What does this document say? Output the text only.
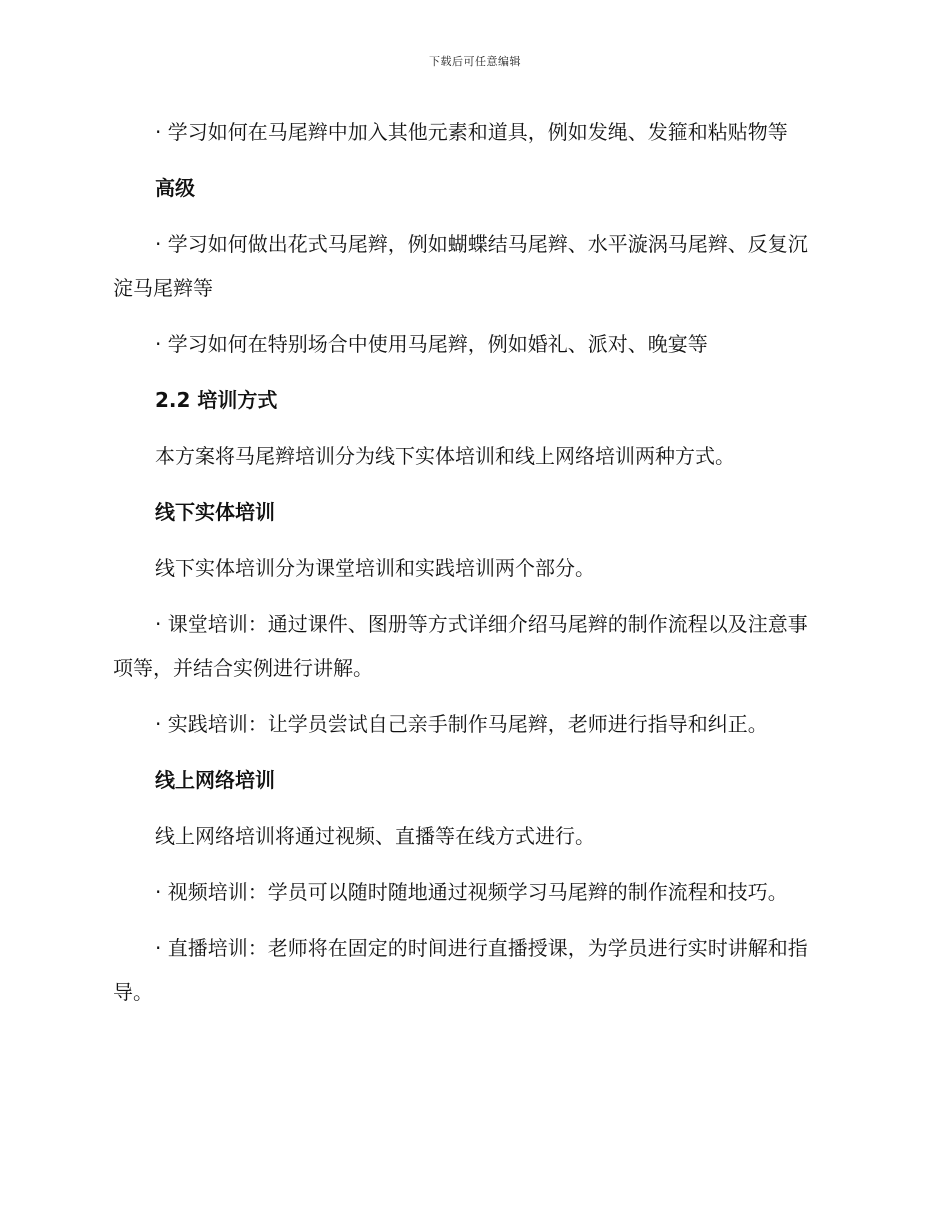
下载后可任意编辑

· 学习如何在马尾辫中加入其他元素和道具，例如发绳、发箍和粘贴物等

高级

· 学习如何做出花式马尾辫，例如蝴蝶结马尾辫、水平漩涡马尾辫、反复沉淀马尾辫等

· 学习如何在特别场合中使用马尾辫，例如婚礼、派对、晚宴等

2.2 培训方式

本方案将马尾辫培训分为线下实体培训和线上网络培训两种方式。

线下实体培训

线下实体培训分为课堂培训和实践培训两个部分。

· 课堂培训：通过课件、图册等方式详细介绍马尾辫的制作流程以及注意事项等，并结合实例进行讲解。

· 实践培训：让学员尝试自己亲手制作马尾辫，老师进行指导和纠正。

线上网络培训

线上网络培训将通过视频、直播等在线方式进行。

· 视频培训：学员可以随时随地通过视频学习马尾辫的制作流程和技巧。

· 直播培训：老师将在固定的时间进行直播授课，为学员进行实时讲解和指导。
